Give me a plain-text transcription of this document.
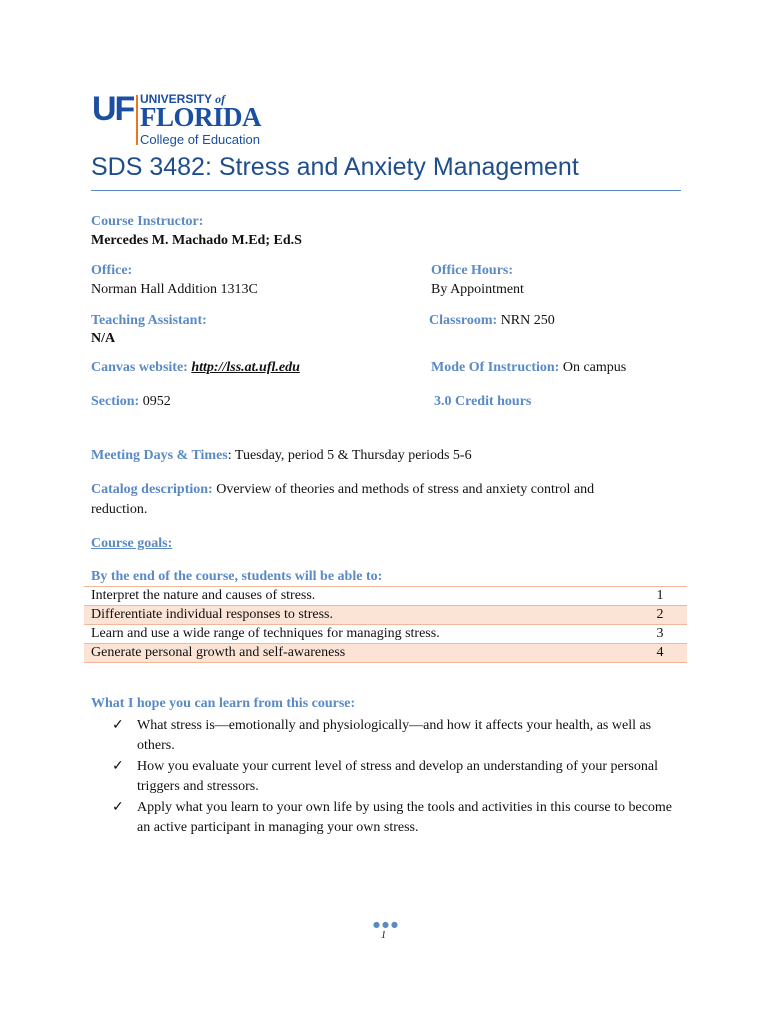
UF UNIVERSITY of
FLORIDA
College of Education
SDS 3482: Stress and Anxiety Management
Course Instructor:
Mercedes M. Machado M.Ed; Ed.S
Office:
Norman Hall Addition 1313C
Office Hours:
By Appointment
Teaching Assistant:
N/A
Classroom: NRN 250
Canvas website: http://lss.at.ufl.edu	Mode Of Instruction: On campus
Section: 0952	3.0 Credit hours
Meeting Days & Times: Tuesday, period 5 & Thursday periods 5-6
Catalog description: Overview of theories and methods of stress and anxiety control and
reduction.
Course goals:
By the end of the course, students will be able to:
Interpret the nature and causes of stress.	1
Differentiate individual responses to stress.	2
Learn and use a wide range of techniques for managing stress.	3
Generate personal growth and self-awareness	4
What I hope you can learn from this course:
✓ What stress is—emotionally and physiologically—and how it affects your health, as well as others.
✓ How you evaluate your current level of stress and develop an understanding of your personal triggers and stressors.
✓ Apply what you learn to your own life by using the tools and activities in this course to become an active participant in managing your own stress.
●●●
1
